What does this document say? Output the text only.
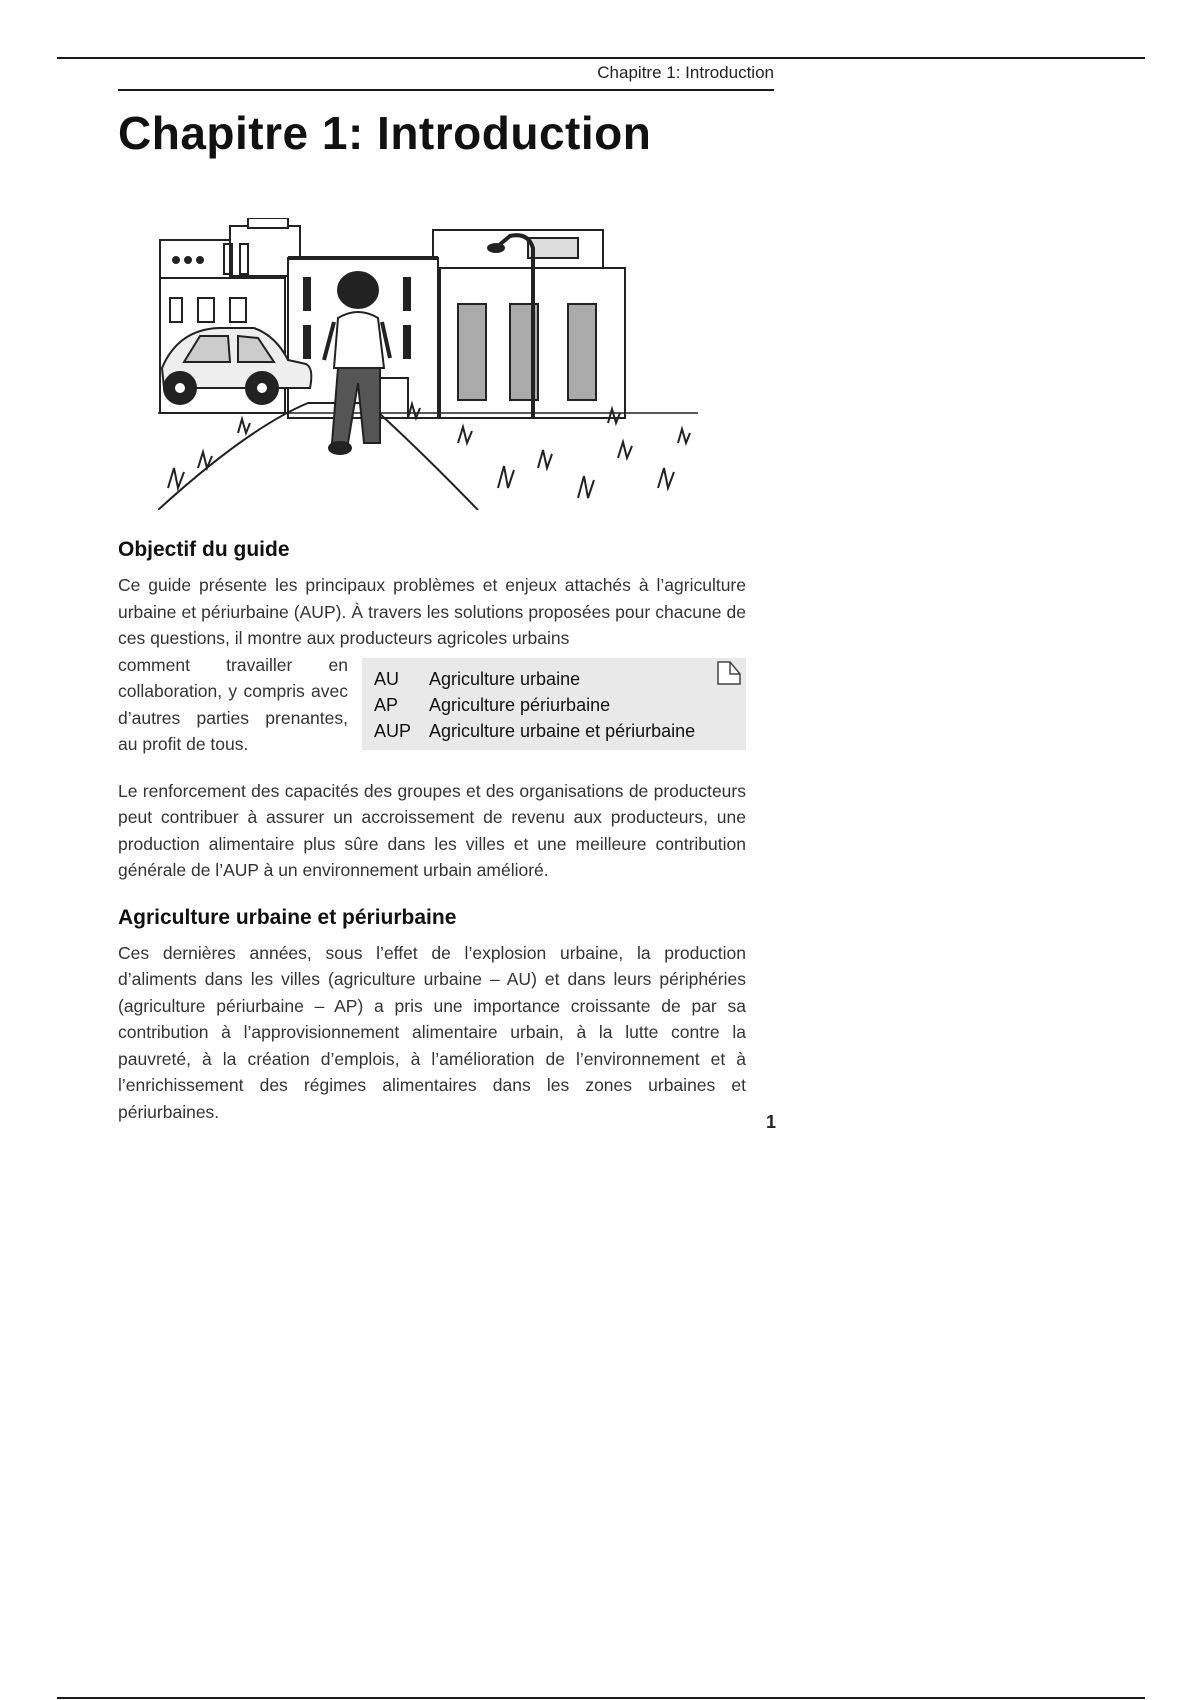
Chapitre 1: Introduction
Chapitre 1: Introduction
Objectif du guide

Ce guide présente les principaux problèmes et enjeux attachés à l’agriculture urbaine et périurbaine (AUP). À travers les solutions proposées pour chacune de ces questions, il montre aux producteurs agricoles urbains

comment travailler en collaboration, y compris avec d’autres parties prenantes, au profit de tous.
AU	Agriculture urbaine
AP	Agriculture périurbaine
AUP Agriculture urbaine et périurbaine

Le renforcement des capacités des groupes et des organisations de producteurs peut contribuer à assurer un accroissement de revenu aux producteurs, une production alimentaire plus sûre dans les villes et une meilleure contribution générale de l’AUP à un environnement urbain amélioré.

Agriculture urbaine et périurbaine

Ces dernières années, sous l’effet de l’explosion urbaine, la production d’aliments dans les villes (agriculture urbaine – AU) et dans leurs périphéries (agriculture périurbaine – AP) a pris une importance croissante de par sa contribution à l’approvisionnement alimentaire urbain, à la lutte contre la pauvreté, à la création d’emplois, à l’amélioration de l’environnement et à l’enrichissement des régimes alimentaires dans les zones urbaines et périurbaines.

1
